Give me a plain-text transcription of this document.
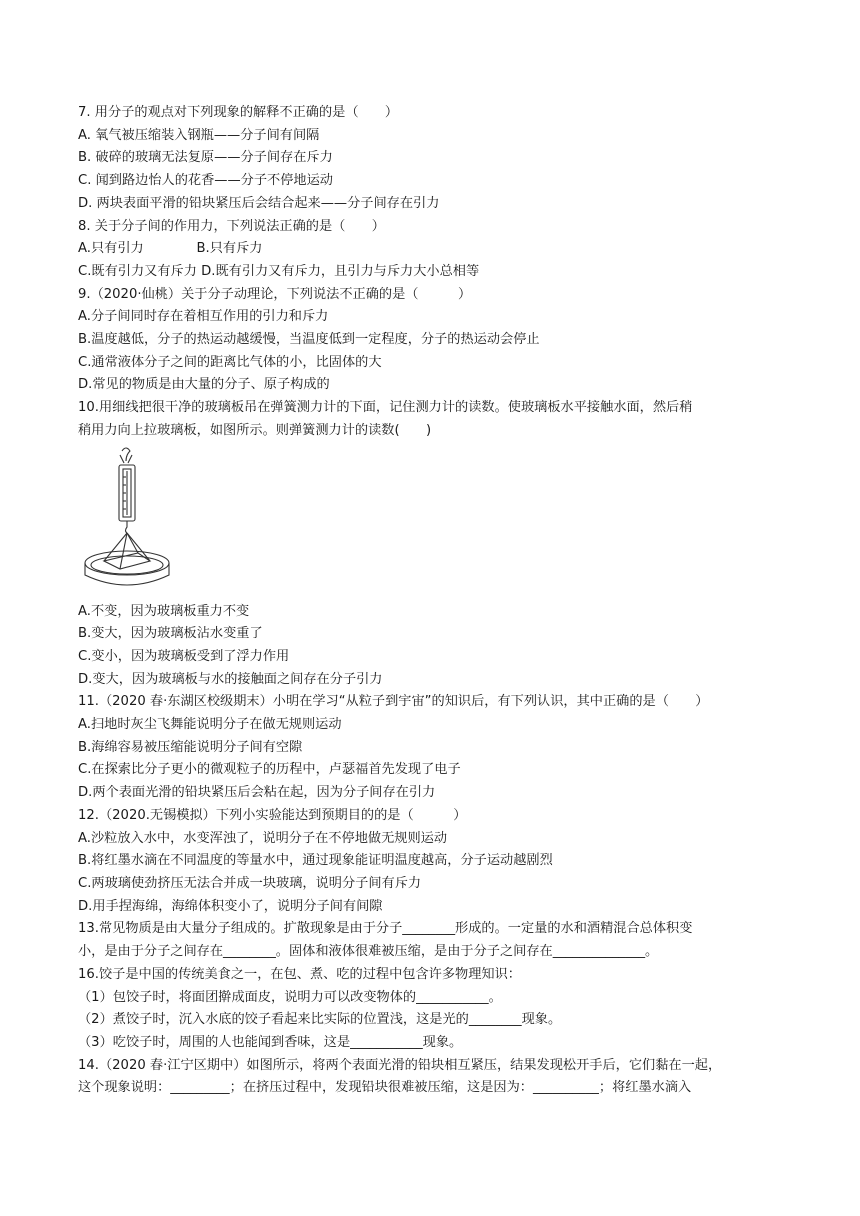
7. 用分子的观点对下列现象的解释不正确的是（　　）
A. 氧气被压缩装入钢瓶——分子间有间隔
B. 破碎的玻璃无法复原——分子间存在斥力
C. 闻到路边怡人的花香——分子不停地运动
D. 两块表面平滑的铅块紧压后会结合起来——分子间存在引力
8. 关于分子间的作用力，下列说法正确的是（　　）
A.只有引力　　　　B.只有斥力
C.既有引力又有斥力 D.既有引力又有斥力，且引力与斥力大小总相等
9.（2020·仙桃）关于分子动理论，下列说法不正确的是（　　　）
A.分子间同时存在着相互作用的引力和斥力
B.温度越低，分子的热运动越缓慢，当温度低到一定程度，分子的热运动会停止
C.通常液体分子之间的距离比气体的小，比固体的大
D.常见的物质是由大量的分子、原子构成的
10.用细线把很干净的玻璃板吊在弹簧测力计的下面，记住测力计的读数。使玻璃板水平接触水面，然后稍
稍用力向上拉玻璃板，如图所示。则弹簧测力计的读数(　　)
A.不变，因为玻璃板重力不变
B.变大，因为玻璃板沾水变重了
C.变小，因为玻璃板受到了浮力作用
D.变大，因为玻璃板与水的接触面之间存在分子引力
11.（2020 春·东湖区校级期末）小明在学习“从粒子到宇宙”的知识后，有下列认识，其中正确的是（　　）
A.扫地时灰尘飞舞能说明分子在做无规则运动
B.海绵容易被压缩能说明分子间有空隙
C.在探索比分子更小的微观粒子的历程中，卢瑟福首先发现了电子
D.两个表面光滑的铅块紧压后会粘在起，因为分子间存在引力
12.（2020.无锡模拟）下列小实验能达到预期目的的是（　　　）
A.沙粒放入水中，水变浑浊了，说明分子在不停地做无规则运动
B.将红墨水滴在不同温度的等量水中，通过现象能证明温度越高，分子运动越剧烈
C.两玻璃使劲挤压无法合并成一块玻璃，说明分子间有斥力
D.用手捏海绵，海绵体积变小了，说明分子间有间隙
13.常见物质是由大量分子组成的。扩散现象是由于分子________形成的。一定量的水和酒精混合总体积变
小，是由于分子之间存在________。固体和液体很难被压缩，是由于分子之间存在______________。
16.饺子是中国的传统美食之一，在包、煮、吃的过程中包含许多物理知识：
（1）包饺子时，将面团擀成面皮，说明力可以改变物体的___________。
（2）煮饺子时，沉入水底的饺子看起来比实际的位置浅，这是光的________现象。
（3）吃饺子时，周围的人也能闻到香味，这是___________现象。
14.（2020 春·江宁区期中）如图所示，将两个表面光滑的铅块相互紧压，结果发现松开手后，它们黏在一起，
这个现象说明：_________；在挤压过程中，发现铅块很难被压缩，这是因为：__________；将红墨水滴入
